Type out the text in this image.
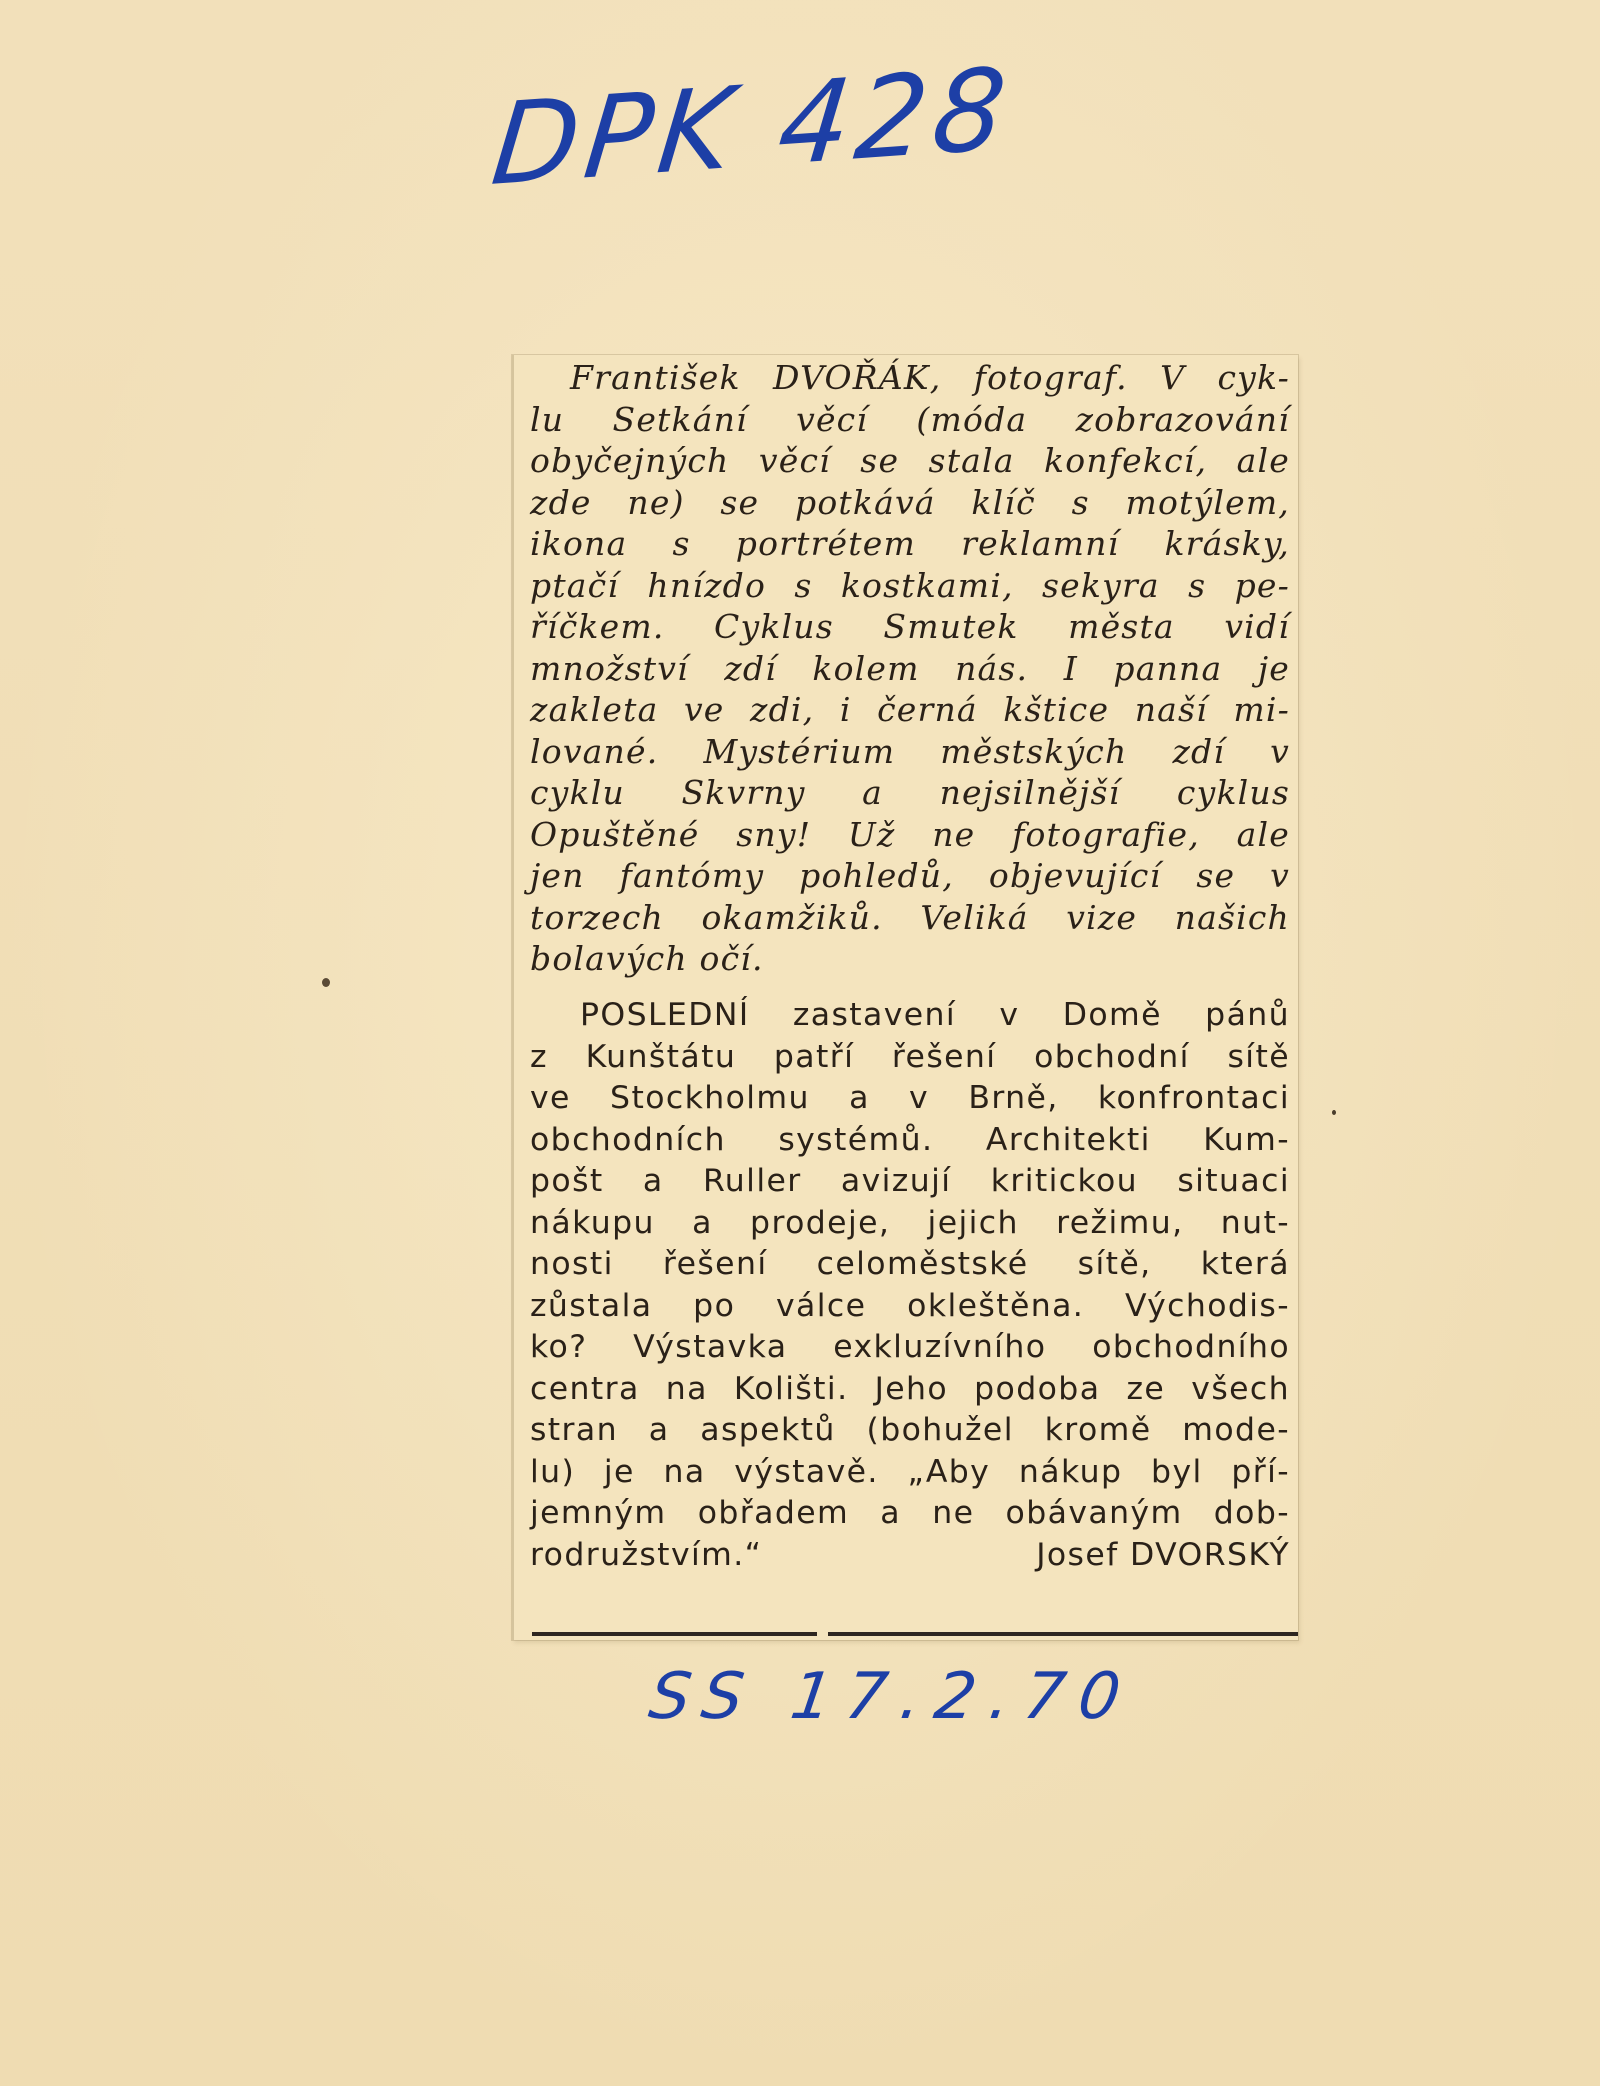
DPK 428
František DVOŘÁK, fotograf. V cyk-
lu Setkání věcí (móda zobrazování
obyčejných věcí se stala konfekcí, ale
zde ne) se potkává klíč s motýlem,
ikona s portrétem reklamní krásky,
ptačí hnízdo s kostkami, sekyra s pe-
říčkem. Cyklus Smutek města vidí
množství zdí kolem nás. I panna je
zakleta ve zdi, i černá kštice naší mi-
lované. Mystérium městských zdí v
cyklu Skvrny a nejsilnější cyklus
Opuštěné sny! Už ne fotografie, ale
jen fantómy pohledů, objevující se v
torzech okamžiků. Veliká vize našich
bolavých očí.
POSLEDNÍ zastavení v Domě pánů
z Kunštátu patří řešení obchodní sítě
ve Stockholmu a v Brně, konfrontaci
obchodních systémů. Architekti Kum-
pošt a Ruller avizují kritickou situaci
nákupu a prodeje, jejich režimu, nut-
nosti řešení celoměstské sítě, která
zůstala po válce okleštěna. Východis-
ko? Výstavka exkluzívního obchodního
centra na Kolišti. Jeho podoba ze všech
stran a aspektů (bohužel kromě mode-
lu) je na výstavě. „Aby nákup byl pří-
jemným obřadem a ne obávaným dob-
rodružstvím.“	Josef DVORSKÝ
SS 17.2.70
